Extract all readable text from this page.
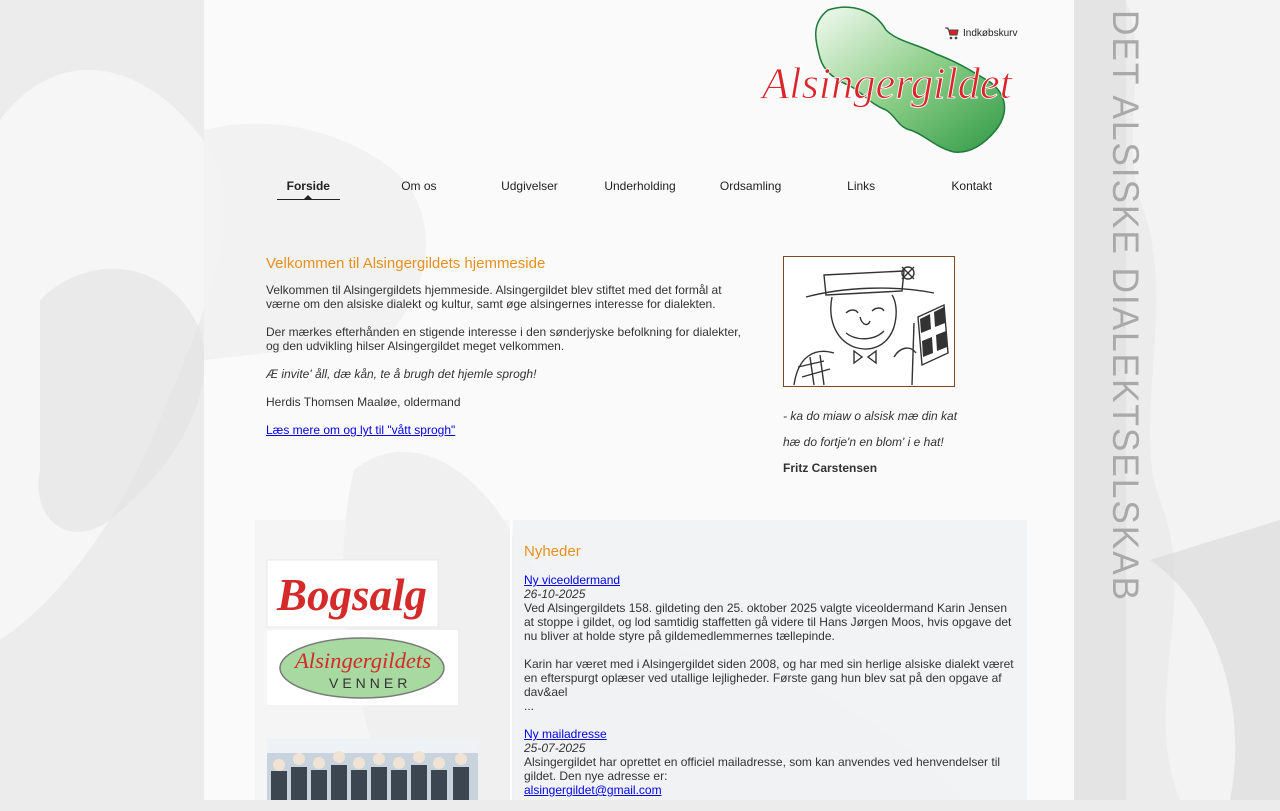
DET ALSISKE DIALEKTSELSKAB
Alsingergildet
Indkøbskurv
Forside	Om os	Udgivelser	Underholding	Ordsamling	Links	Kontakt
Velkommen til Alsingergildets hjemmeside

Velkommen til Alsingergildets hjemmeside. Alsingergildet blev stiftet med det formål at værne om den alsiske dialekt og kultur, samt øge alsingernes interesse for dialekten.

Der mærkes efterhånden en stigende interesse i den sønderjyske befolkning for dialekter, og den udvikling hilser Alsingergildet meget velkommen.

Æ invite' åll, dæ kån, te å brugh det hjemle sprogh!

Herdis Thomsen Maaløe, oldermand

Læs mere om og lyt til "vått sprogh"

- ka do miaw o alsisk mæ din kat
hæ do fortje'n en blom' i e hat!
Fritz Carstensen
Bogsalg
Alsingergildets
VENNER
Nyheder
Ny viceoldermand
26-10-2025
Ved Alsingergildets 158. gildeting den 25. oktober 2025 valgte viceoldermand Karin Jensen at stoppe i gildet, og lod samtidig staffetten gå videre til Hans Jørgen Moos, hvis opgave det nu bliver at holde styre på gildemedlemmernes tællepinde.
Karin har været med i Alsingergildet siden 2008, og har med sin herlige alsiske dialekt været en efterspurgt oplæser ved utallige lejligheder. Første gang hun blev sat på den opgave af dav&ael
...
Ny mailadresse
25-07-2025
Alsingergildet har oprettet en officiel mailadresse, som kan anvendes ved henvendelser til gildet. Den nye adresse er:
alsingergildet@gmail.com
